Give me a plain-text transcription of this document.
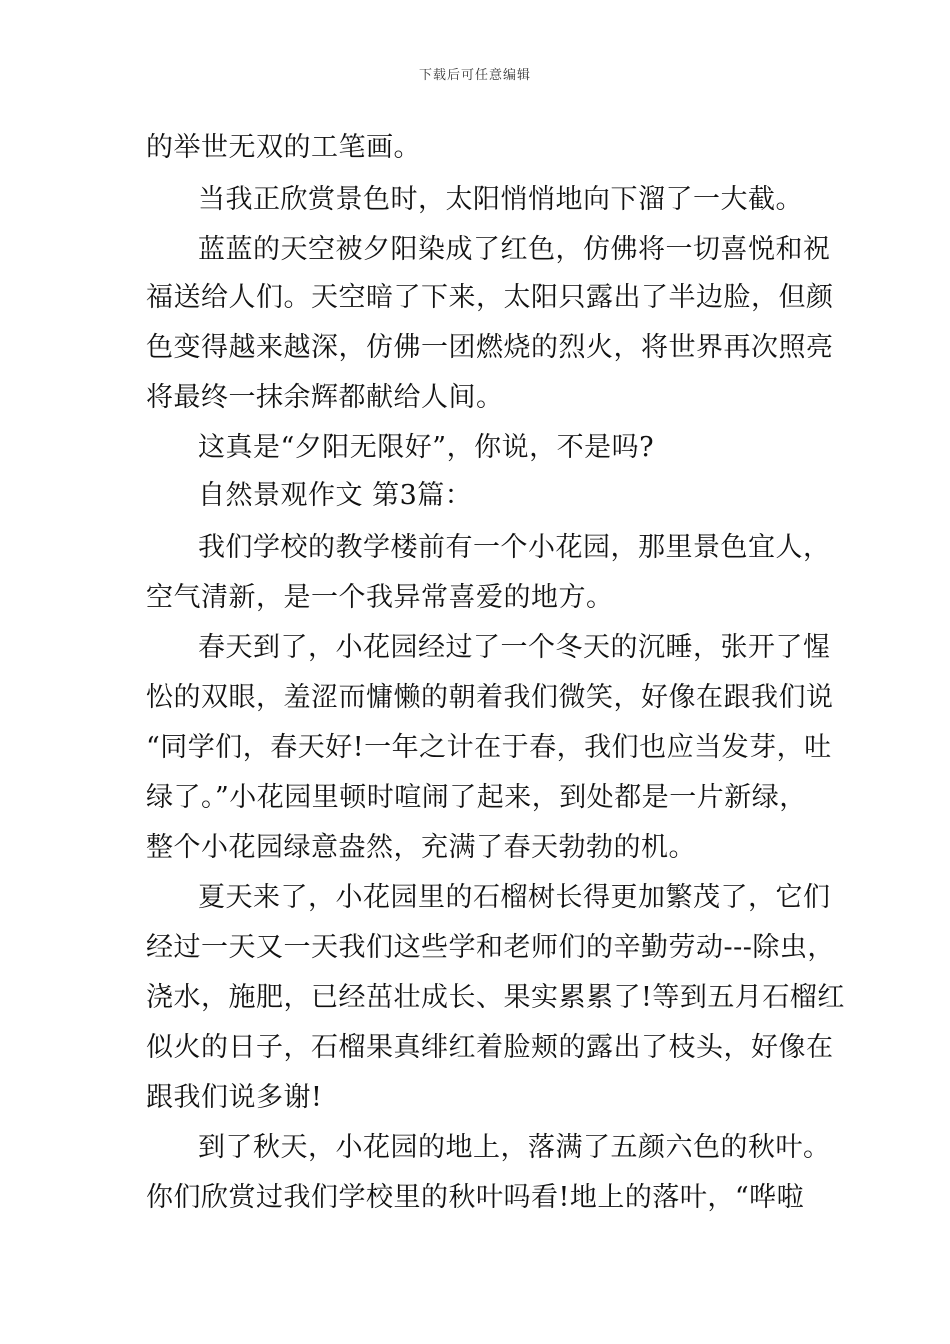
下载后可任意编辑
的举世无双的工笔画。
当我正欣赏景色时，太阳悄悄地向下溜了一大截。
蓝蓝的天空被夕阳染成了红色，仿佛将一切喜悦和祝
福送给人们。天空暗了下来，太阳只露出了半边脸，但颜
色变得越来越深，仿佛一团燃烧的烈火，将世界再次照亮
将最终一抹余辉都献给人间。
这真是“夕阳无限好”，你说，不是吗?
自然景观作文 第3篇：
我们学校的教学楼前有一个小花园，那里景色宜人，
空气清新，是一个我异常喜爱的地方。
春天到了，小花园经过了一个冬天的沉睡，张开了惺
忪的双眼，羞涩而慵懒的朝着我们微笑，好像在跟我们说
“同学们，春天好!一年之计在于春，我们也应当发芽，吐
绿了。”小花园里顿时喧闹了起来，到处都是一片新绿，
整个小花园绿意盎然，充满了春天勃勃的机。
夏天来了，小花园里的石榴树长得更加繁茂了，它们
经过一天又一天我们这些学和老师们的辛勤劳动---除虫，
浇水，施肥，已经茁壮成长、果实累累了!等到五月石榴红
似火的日子，石榴果真绯红着脸颊的露出了枝头，好像在
跟我们说多谢!
到了秋天，小花园的地上，落满了五颜六色的秋叶。
你们欣赏过我们学校里的秋叶吗看!地上的落叶，“哗啦
